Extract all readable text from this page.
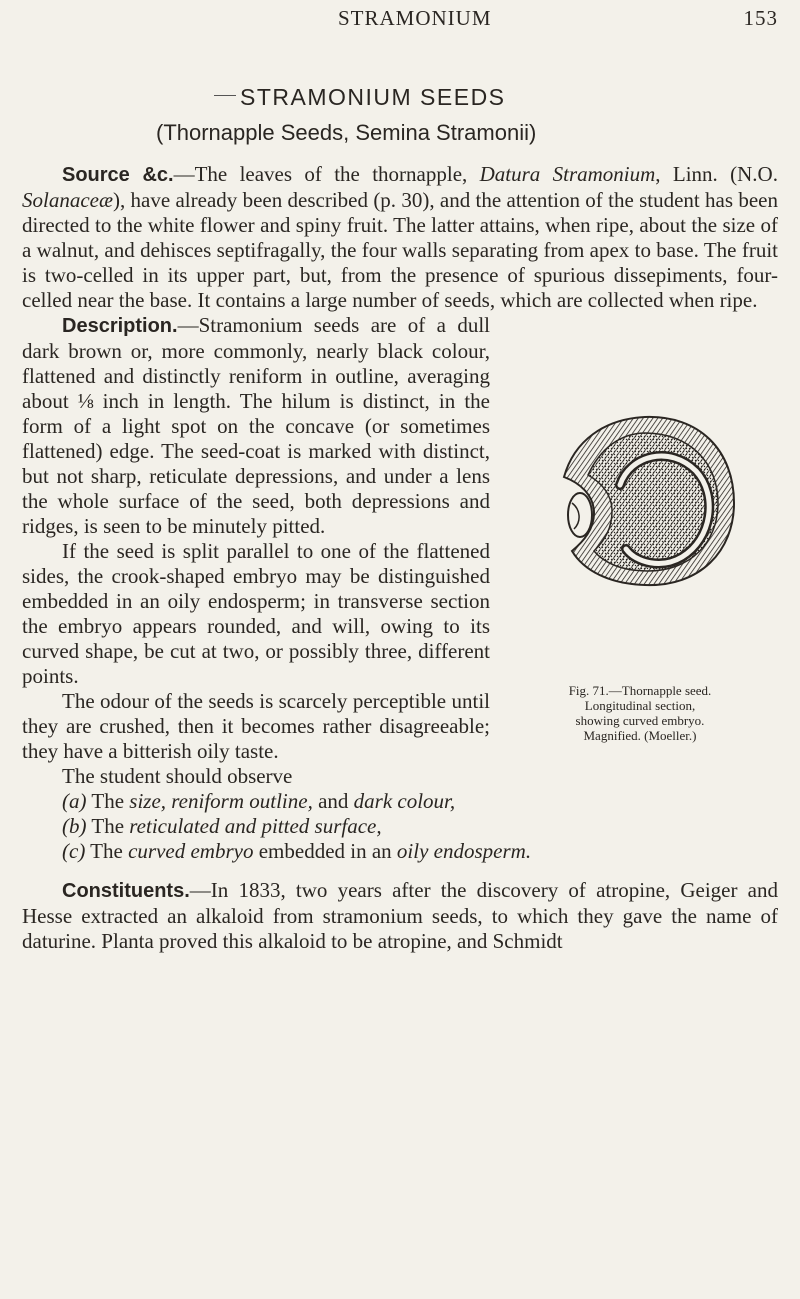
STRAMONIUM	153
STRAMONIUM SEEDS
(Thornapple Seeds, Semina Stramonii)

Source &c.—The leaves of the thornapple, Datura Stramonium, Linn. (N.O. Solanaceæ), have already been described (p. 30), and the attention of the student has been directed to the white flower and spiny fruit. The latter attains, when ripe, about the size of a walnut, and dehisces septifragally, the four walls separating from apex to base. The fruit is two-celled in its upper part, but, from the presence of spurious dissepiments, four-celled near the base. It contains a large number of seeds, which are collected when ripe.

Fig. 71.—Thornapple seed.
Longitudinal section,
showing curved embryo.
Magnified. (Moeller.)

Description.—Stramonium seeds are of a dull dark brown or, more commonly, nearly black colour, flattened and distinctly reniform in outline, averaging about ⅛ inch in length. The hilum is distinct, in the form of a light spot on the concave (or sometimes flattened) edge. The seed-coat is marked with distinct, but not sharp, reticulate depressions, and under a lens the whole surface of the seed, both depressions and ridges, is seen to be minutely pitted.

If the seed is split parallel to one of the flattened sides, the crook-shaped embryo may be distinguished embedded in an oily endosperm; in transverse section the embryo appears rounded, and will, owing to its curved shape, be cut at two, or possibly three, different points.

The odour of the seeds is scarcely perceptible until they are crushed, then it becomes rather disagreeable; they have a bitterish oily taste.

The student should observe

(a) The size, reniform outline, and dark colour,
(b) The reticulated and pitted surface,
(c) The curved embryo embedded in an oily endosperm.

Constituents.—In 1833, two years after the discovery of atropine, Geiger and Hesse extracted an alkaloid from stramonium seeds, to which they gave the name of daturine. Planta proved this alkaloid to be atropine, and Schmidt
